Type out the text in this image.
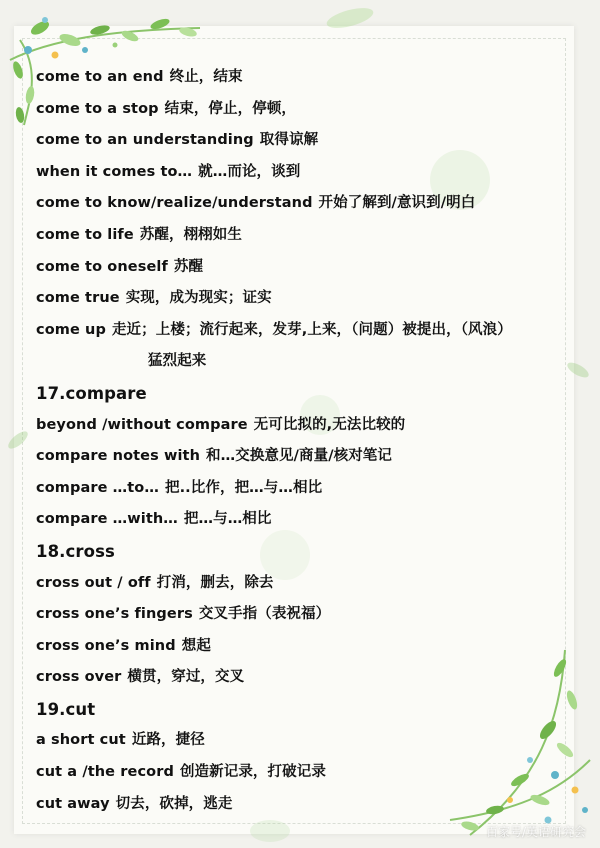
come to an end 终止，结束
come to a stop 结束，停止，停顿，
come to an understanding 取得谅解
when it comes to… 就…而论，谈到
come to know/realize/understand 开始了解到/意识到/明白
come to life 苏醒，栩栩如生
come to oneself 苏醒
come true 实现，成为现实；证实
come up 走近；上楼；流行起来，发芽,上来，（问题）被提出，（风浪）
猛烈起来
17.compare
beyond /without compare 无可比拟的,无法比较的
compare notes with 和…交换意见/商量/核对笔记
compare …to… 把..比作，把…与…相比
compare …with… 把…与…相比
18.cross
cross out / off 打消，删去，除去
cross one’s fingers 交叉手指（表祝福）
cross one’s mind 想起
cross over 横贯，穿过，交叉
19.cut
a short cut 近路，捷径
cut a /the record 创造新记录，打破记录
cut away 切去，砍掉，逃走
百家号/英语研究会
